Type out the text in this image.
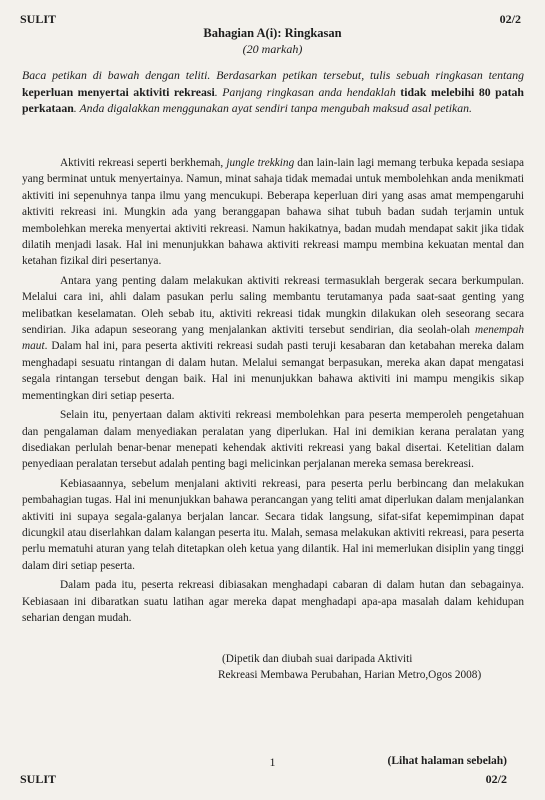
SULIT	02/2
Bahagian A(i): Ringkasan
(20 markah)
Baca petikan di bawah dengan teliti. Berdasarkan petikan tersebut, tulis sebuah ringkasan tentang keperluan menyertai aktiviti rekreasi. Panjang ringkasan anda hendaklah tidak melebihi 80 patah perkataan. Anda digalakkan menggunakan ayat sendiri tanpa mengubah maksud asal petikan.

Aktiviti rekreasi seperti berkhemah, jungle trekking dan lain-lain lagi memang terbuka kepada sesiapa yang berminat untuk menyertainya. Namun, minat sahaja tidak memadai untuk membolehkan anda menikmati aktiviti ini sepenuhnya tanpa ilmu yang mencukupi. Beberapa keperluan diri yang asas amat mempengaruhi aktiviti rekreasi ini. Mungkin ada yang beranggapan bahawa sihat tubuh badan sudah terjamin untuk membolehkan mereka menyertai aktiviti rekreasi. Namun hakikatnya, badan mudah mendapat sakit jika tidak dilatih menjadi lasak. Hal ini menunjukkan bahawa aktiviti rekreasi mampu membina kekuatan mental dan ketahan fizikal diri pesertanya.

Antara yang penting dalam melakukan aktiviti rekreasi termasuklah bergerak secara berkumpulan. Melalui cara ini, ahli dalam pasukan perlu saling membantu terutamanya pada saat-saat genting yang melibatkan keselamatan. Oleh sebab itu, aktiviti rekreasi tidak mungkin dilakukan oleh seseorang secara sendirian. Jika adapun seseorang yang menjalankan aktiviti tersebut sendirian, dia seolah-olah menempah maut. Dalam hal ini, para peserta aktiviti rekreasi sudah pasti teruji kesabaran dan ketabahan mereka dalam menghadapi sesuatu rintangan di dalam hutan. Melalui semangat berpasukan, mereka akan dapat mengatasi segala rintangan tersebut dengan baik. Hal ini menunjukkan bahawa aktiviti ini mampu mengikis sikap mementingkan diri setiap peserta.

Selain itu, penyertaan dalam aktiviti rekreasi membolehkan para peserta memperoleh pengetahuan dan pengalaman dalam menyediakan peralatan yang diperlukan. Hal ini demikian kerana peralatan yang disediakan perlulah benar-benar menepati kehendak aktiviti rekreasi yang bakal disertai. Ketelitian dalam penyediaan peralatan tersebut adalah penting bagi melicinkan perjalanan mereka semasa berekreasi.

Kebiasaannya, sebelum menjalani aktiviti rekreasi, para peserta perlu berbincang dan melakukan pembahagian tugas. Hal ini menunjukkan bahawa perancangan yang teliti amat diperlukan dalam menjalankan aktiviti ini supaya segala-galanya berjalan lancar. Secara tidak langsung, sifat-sifat kepemimpinan dapat dicungkil atau diserlahkan dalam kalangan peserta itu. Malah, semasa melakukan aktiviti rekreasi, para peserta perlu mematuhi aturan yang telah ditetapkan oleh ketua yang dilantik. Hal ini memerlukan disiplin yang tinggi dalam diri setiap peserta.

Dalam pada itu, peserta rekreasi dibiasakan menghadapi cabaran di dalam hutan dan sebagainya. Kebiasaan ini dibaratkan suatu latihan agar mereka dapat menghadapi apa-apa masalah dalam kehidupan seharian dengan mudah.

(Dipetik dan diubah suai daripada Aktiviti
Rekreasi Membawa Perubahan, Harian Metro,Ogos 2008)
1	(Lihat halaman sebelah)
SULIT	02/2
